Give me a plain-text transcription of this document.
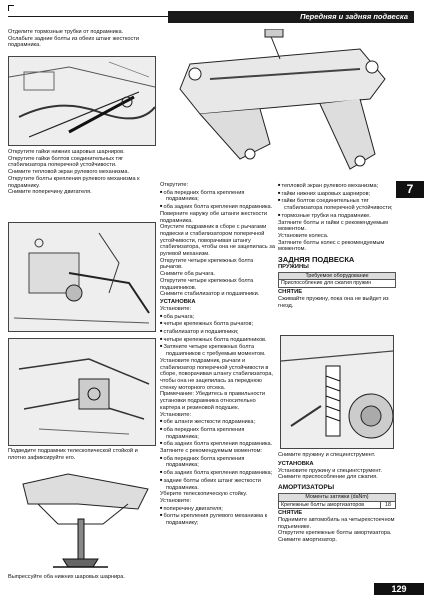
Передняя и задняя подвеска

Отделите тормозные трубки от подрамника.

Ослабьте задние болты из обеих штанг жесткости подрамника.

Открутите гайки нижних шаровых шарниров.

Открутите гайки болтов соединительных тяг стабилизатора поперечной устойчивости.

Снимите тепловой экран рулевого механизма.

Открутите болты крепления рулевого механизма к подрамнику.

Снимите поперечину двигателя.

Подведите подрамник телескопической стойкой и плотно зафиксируйте его.

Выпрессуйте оба нижних шаровых шарнира.

Открутите:

■ оба передних болта крепления подрамника;

■ оба задних болта крепления подрамника.

Поверните наружу обе штанги жесткости подрамника.

Опустите подрамник в сборе с рычагами подвески и стабилизатором поперечной устойчивости, поворачивая штангу стабилизатора, чтобы она не зацепилась за рулевой механизм.

Открутите четыре крепежных болта рычагов.

Снимите оба рычага.

Открутите четыре крепежных болта подшипников.

Снимите стабилизатор и подшипники.

УСТАНОВКА

Установите:

■ оба рычага;

■ четыре крепежных болта рычагов;

■ стабилизатор и подшипники;

■ четыре крепежных болта подшипников.

■ Затяните четыре крепежных болта подшипников с требуемым моментом.

Установите подрамник, рычаги и стабилизатор поперечной устойчивости в сборе, поворачивая штангу стабилизатора, чтобы она не зацепилась за переднюю стенку моторного отсека.

Примечание: Убедитесь в правильности установки подрамника относительно картера и резиновой подушек.

Установите:

■ обе штанги жесткости подрамника;

■ оба передних болта крепления подрамника;

■ оба задних болта крепления подрамника.

Затяните с рекомендуемым моментом:

■ оба передних болта крепления подрамника;

■ оба задних болта крепления подрамника;

■ задние болты обеих штанг жесткости подрамника.

Уберите телескопическую стойку.

Установите:

■ поперечину двигателя;

■ болты крепления рулевого механизма к подрамнику;

■ тепловой экран рулевого механизма;

■ гайки нижних шаровых шарниров;

■ гайки болтов соединительных тяг стабилизатора поперечной устойчивости;

■ тормозные трубки на подрамнике.

Затяните болты и гайки с рекомендуемым моментом.

Установите колеса.

Затяните болты колес с рекомендуемым моментом.

ЗАДНЯЯ ПОДВЕСКА

ПРУЖИНЫ

Требуемое оборудование
Приспособление для сжатия пружин

СНЯТИЕ

Сжимайте пружину, пока она не выйдет из гнезд.

Снимите пружину и спецингструмент.

УСТАНОВКА

Установите пружину и спецингструмент.

Снимите приспособление для сжатия.

АМОРТИЗАТОРЫ

Моменты затяжки (daNm)
Крепежные болты амортизаторов	18

СНЯТИЕ

Поднимите автомобиль на четырехстоечном подъемнике.

Открутите крепежные болты амортизатора.

Снимите амортизатор.

7
129
